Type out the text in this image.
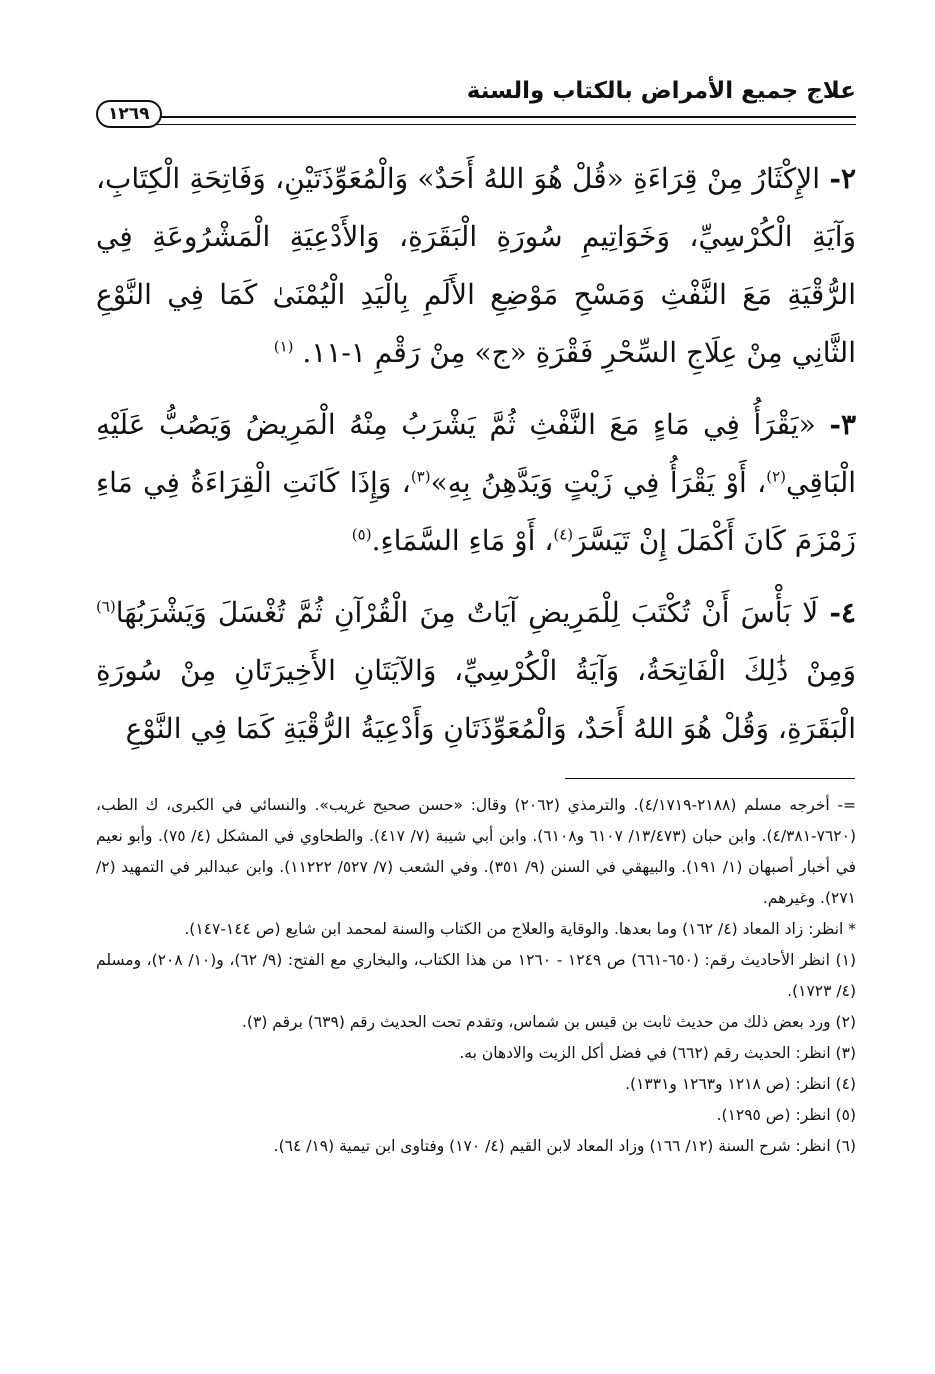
علاج جميع الأمراض بالكتاب والسنة
١٢٦٩

٢- الإِكْثَارُ مِنْ قِرَاءَةِ «قُلْ هُوَ اللهُ أَحَدٌ» وَالْمُعَوِّذَتَيْنِ، وَفَاتِحَةِ الْكِتَابِ، وَآيَةِ الْكُرْسِيِّ، وَخَوَاتِيمِ سُورَةِ الْبَقَرَةِ، وَالأَدْعِيَةِ الْمَشْرُوعَةِ فِي الرُّقْيَةِ مَعَ النَّفْثِ وَمَسْحِ مَوْضِعِ الأَلَمِ بِالْيَدِ الْيُمْنَىٰ كَمَا فِي النَّوْعِ الثَّانِي مِنْ عِلَاجِ السِّحْرِ فَقْرَةِ «ج» مِنْ رَقْمِ ١-١١. $^{(١)}$

٣- «يَقْرَأُ فِي مَاءٍ مَعَ النَّفْثِ ثُمَّ يَشْرَبُ مِنْهُ الْمَرِيضُ وَيَصُبُّ عَلَيْهِ الْبَاقِي$^{(٢)}$، أَوْ يَقْرَأُ فِي زَيْتٍ وَيَدَّهِنُ بِهِ»$^{(٣)}$، وَإِذَا كَانَتِ الْقِرَاءَةُ فِي مَاءِ زَمْزَمَ كَانَ أَكْمَلَ إِنْ تَيَسَّرَ$^{(٤)}$، أَوْ مَاءِ السَّمَاءِ.$^{(٥)}$

٤- لَا بَأْسَ أَنْ تُكْتَبَ لِلْمَرِيضِ آيَاتٌ مِنَ الْقُرْآنِ ثُمَّ تُغْسَلَ وَيَشْرَبُهَا$^{(٦)}$ وَمِنْ ذَٰلِكَ الْفَاتِحَةُ، وَآيَةُ الْكُرْسِيِّ، وَالآيَتَانِ الأَخِيرَتَانِ مِنْ سُورَةِ الْبَقَرَةِ، وَقُلْ هُوَ اللهُ أَحَدٌ، وَالْمُعَوِّذَتَانِ وَأَدْعِيَةُ الرُّقْيَةِ كَمَا فِي النَّوْعِ

=- أخرجه مسلم (٢١٨٨-٤/١٧١٩). والترمذي (٢٠٦٢) وقال: «حسن صحيح غريب». والنسائي في الكبرى، ك الطب، (٧٦٢٠-٤/٣٨١). وابن حبان (١٣/٤٧٣/ ٦١٠٧ و٦١٠٨). وابن أبي شيبة (٧/ ٤١٧). والطحاوي في المشكل (٤/ ٧٥). وأبو نعيم في أخبار أصبهان (١/ ١٩١). والبيهقي في السنن (٩/ ٣٥١). وفي الشعب (٧/ ٥٢٧/ ١١٢٢٢). وابن عبدالبر في التمهيد (٢/ ٢٧١). وغيرهم.

* انظر: زاد المعاد (٤/ ١٦٢) وما بعدها. والوقاية والعلاج من الكتاب والسنة لمحمد ابن شايع (ص ١٤٤-١٤٧).

(١) انظر الأحاديث رقم: (٦٥٠-٦٦١) ص ١٢٤٩ - ١٢٦٠ من هذا الكتاب، والبخاري مع الفتح: (٩/ ٦٢)، و(١٠/ ٢٠٨)، ومسلم (٤/ ١٧٢٣).

(٢) ورد بعض ذلك من حديث ثابت بن قيس بن شماس، وتقدم تحت الحديث رقم (٦٣٩) برقم (٣).

(٣) انظر: الحديث رقم (٦٦٢) في فضل أكل الزيت والادهان به.

(٤) انظر: (ص ١٢١٨ و١٢٦٣ و١٣٣١).

(٥) انظر: (ص ١٢٩٥).

(٦) انظر: شرح السنة (١٢/ ١٦٦) وزاد المعاد لابن القيم (٤/ ١٧٠) وفتاوى ابن تيمية (١٩/ ٦٤).
